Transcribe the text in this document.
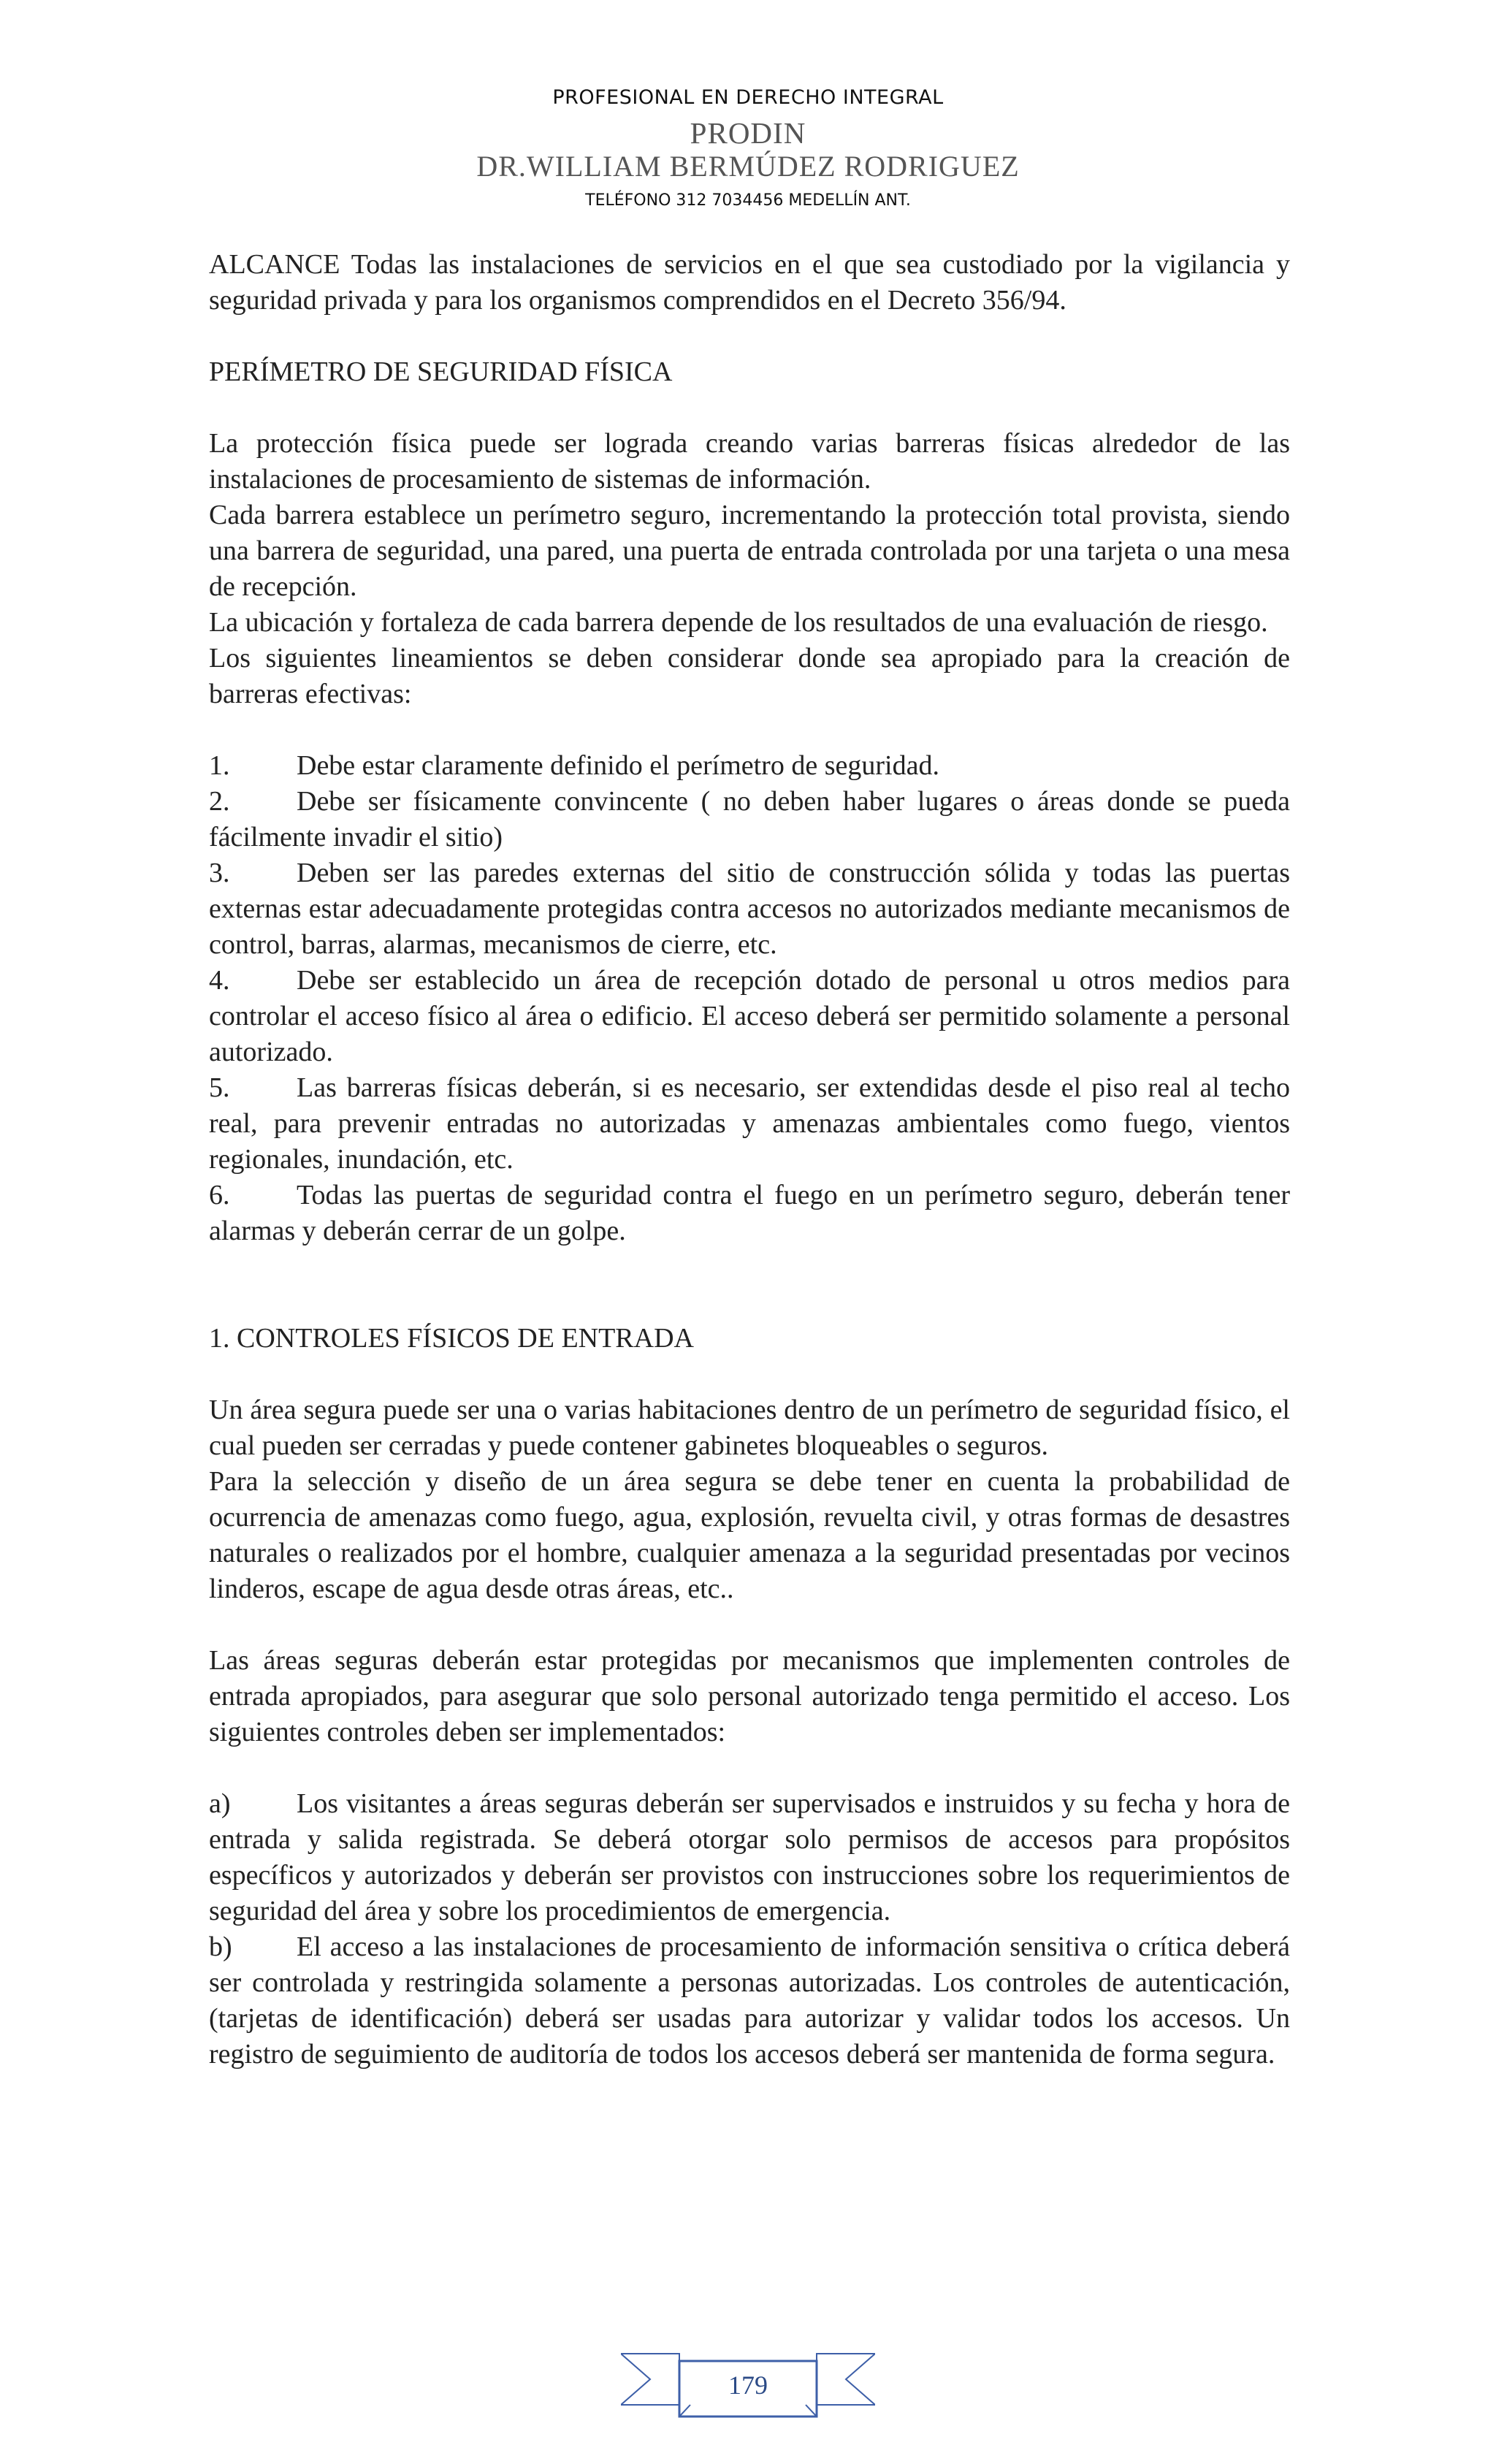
PROFESIONAL EN DERECHO INTEGRAL
PRODIN
DR.WILLIAM BERMÚDEZ RODRIGUEZ
TELÉFONO 312 7034456 MEDELLÍN ANT.

ALCANCE Todas las instalaciones de servicios en el que sea custodiado por la vigilancia y seguridad privada y para los organismos comprendidos en el Decreto 356/94.

PERÍMETRO DE SEGURIDAD FÍSICA

La protección física puede ser lograda creando varias barreras físicas alrededor de las instalaciones de procesamiento de sistemas de información.

Cada barrera establece un perímetro seguro, incrementando la protección total provista, siendo una barrera de seguridad, una pared, una puerta de entrada controlada por una tarjeta o una mesa de recepción.

La ubicación y fortaleza de cada barrera depende de los resultados de una evaluación de riesgo.

Los siguientes lineamientos se deben considerar donde sea apropiado para la creación de barreras efectivas:

1. Debe estar claramente definido el perímetro de seguridad.

2. Debe ser físicamente convincente ( no deben haber lugares o áreas donde se pueda fácilmente invadir el sitio)

3. Deben ser las paredes externas del sitio de construcción sólida y todas las puertas externas estar adecuadamente protegidas contra accesos no autorizados mediante mecanismos de control, barras, alarmas, mecanismos de cierre, etc.

4. Debe ser establecido un área de recepción dotado de personal u otros medios para controlar el acceso físico al área o edificio. El acceso deberá ser permitido solamente a personal autorizado.

5. Las barreras físicas deberán, si es necesario, ser extendidas desde el piso real al techo real, para prevenir entradas no autorizadas y amenazas ambientales como fuego, vientos regionales, inundación, etc.

6. Todas las puertas de seguridad contra el fuego en un perímetro seguro, deberán tener alarmas y deberán cerrar de un golpe.

1. CONTROLES FÍSICOS DE ENTRADA

Un área segura puede ser una o varias habitaciones dentro de un perímetro de seguridad físico, el cual pueden ser cerradas y puede contener gabinetes bloqueables o seguros.

Para la selección y diseño de un área segura se debe tener en cuenta la probabilidad de ocurrencia de amenazas como fuego, agua, explosión, revuelta civil, y otras formas de desastres naturales o realizados por el hombre, cualquier amenaza a la seguridad presentadas por vecinos linderos, escape de agua desde otras áreas, etc..

Las áreas seguras deberán estar protegidas por mecanismos que implementen controles de entrada apropiados, para asegurar que solo personal autorizado tenga permitido el acceso. Los siguientes controles deben ser implementados:

a) Los visitantes a áreas seguras deberán ser supervisados e instruidos y su fecha y hora de entrada y salida registrada. Se deberá otorgar solo permisos de accesos para propósitos específicos y autorizados y deberán ser provistos con instrucciones sobre los requerimientos de seguridad del área y sobre los procedimientos de emergencia.

b) El acceso a las instalaciones de procesamiento de información sensitiva o crítica deberá ser controlada y restringida solamente a personas autorizadas. Los controles de autenticación, (tarjetas de identificación) deberá ser usadas para autorizar y validar todos los accesos. Un registro de seguimiento de auditoría de todos los accesos deberá ser mantenida de forma segura.

179
